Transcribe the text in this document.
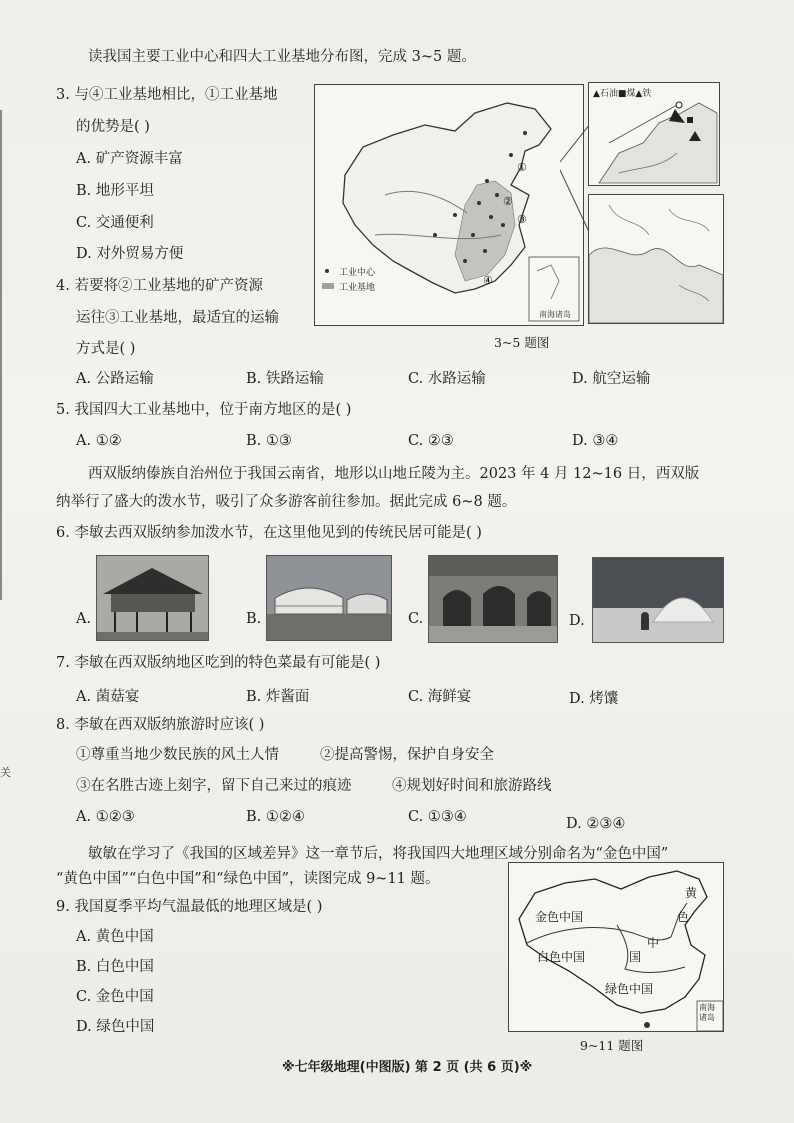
读我国主要工业中心和四大工业基地分布图，完成 3~5 题。
3. 与④工业基地相比，①工业基地
的优势是( )
A. 矿产资源丰富
B. 地形平坦
C. 交通便利
D. 对外贸易方便
4. 若要将②工业基地的矿产资源
运往③工业基地，最适宜的运输
方式是( )
A. 公路运输	B. 铁路运输	C. 水路运输	D. 航空运输
①
②
③
④
南海诸岛
工业中心
工业基地
▲石油■煤▲铁
3~5 题图
5. 我国四大工业基地中，位于南方地区的是( )
A. ①②	B. ①③	C. ②③	D. ③④
西双版纳傣族自治州位于我国云南省，地形以山地丘陵为主。2023 年 4 月 12~16 日，西双版
纳举行了盛大的泼水节，吸引了众多游客前往参加。据此完成 6~8 题。
6. 李敏去西双版纳参加泼水节，在这里他见到的传统民居可能是( )
A.	B.	C.	D.
7. 李敏在西双版纳地区吃到的特色菜最有可能是( )
A. 菌菇宴	B. 炸酱面	C. 海鲜宴	D. 烤馕
8. 李敏在西双版纳旅游时应该( )
①尊重当地少数民族的风土人情	②提高警惕，保护自身安全
③在名胜古迹上刻字，留下自己来过的痕迹	④规划好时间和旅游路线
A. ①②③	B. ①②④	C. ①③④	D. ②③④
敏敏在学习了《我国的区域差异》这一章节后，将我国四大地理区域分别命名为“金色中国”
“黄色中国”“白色中国”和“绿色中国”，读图完成 9~11 题。
9. 我国夏季平均气温最低的地理区域是( )
A. 黄色中国
B. 白色中国
C. 金色中国
D. 绿色中国
金色中国
白色中国
绿色中国
黄
色
中
国
南海诸岛
9~11 题图
※七年级地理(中图版) 第 2 页 (共 6 页)※
关
